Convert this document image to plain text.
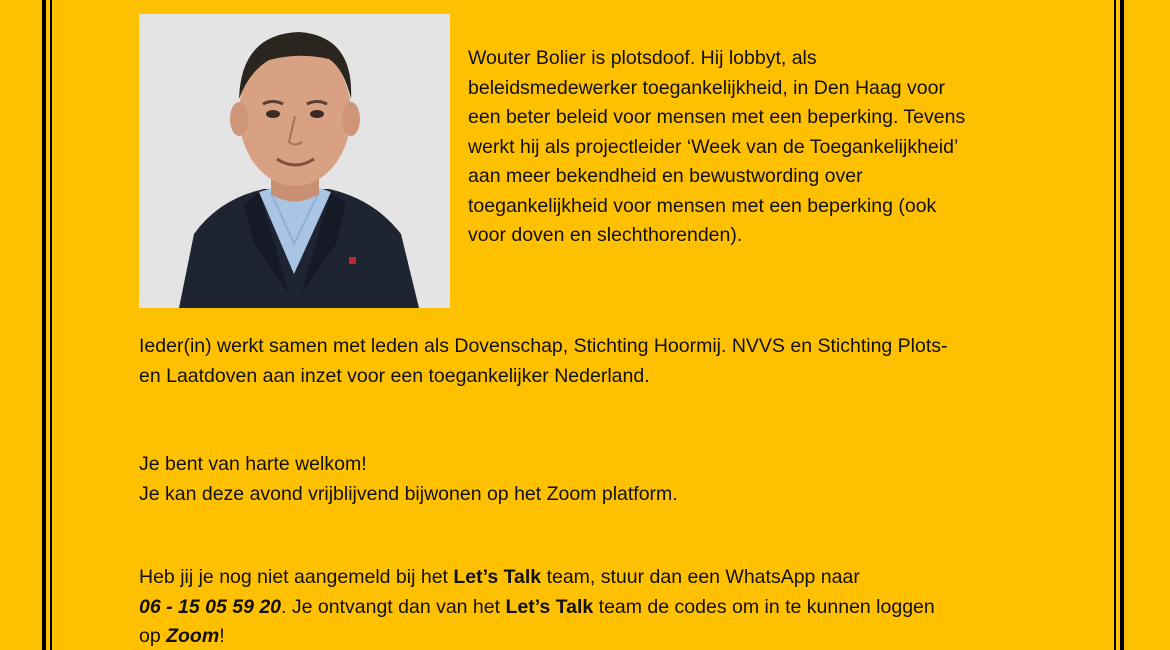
Wouter Bolier is plotsdoof. Hij lobbyt, als
beleidsmedewerker toegankelijkheid, in Den Haag voor
een beter beleid voor mensen met een beperking. Tevens
werkt hij als projectleider ‘Week van de Toegankelijkheid’
aan meer bekendheid en bewustwording over
toegankelijkheid voor mensen met een beperking (ook
voor doven en slechthorenden).
Ieder(in) werkt samen met leden als Dovenschap, Stichting Hoormij. NVVS en Stichting Plots-
en Laatdoven aan inzet voor een toegankelijker Nederland.
Je bent van harte welkom!
Je kan deze avond vrijblijvend bijwonen op het Zoom platform.
Heb jij je nog niet aangemeld bij het Let’s Talk team, stuur dan een WhatsApp naar
06 - 15 05 59 20. Je ontvangt dan van het Let’s Talk team de codes om in te kunnen loggen
op Zoom!
